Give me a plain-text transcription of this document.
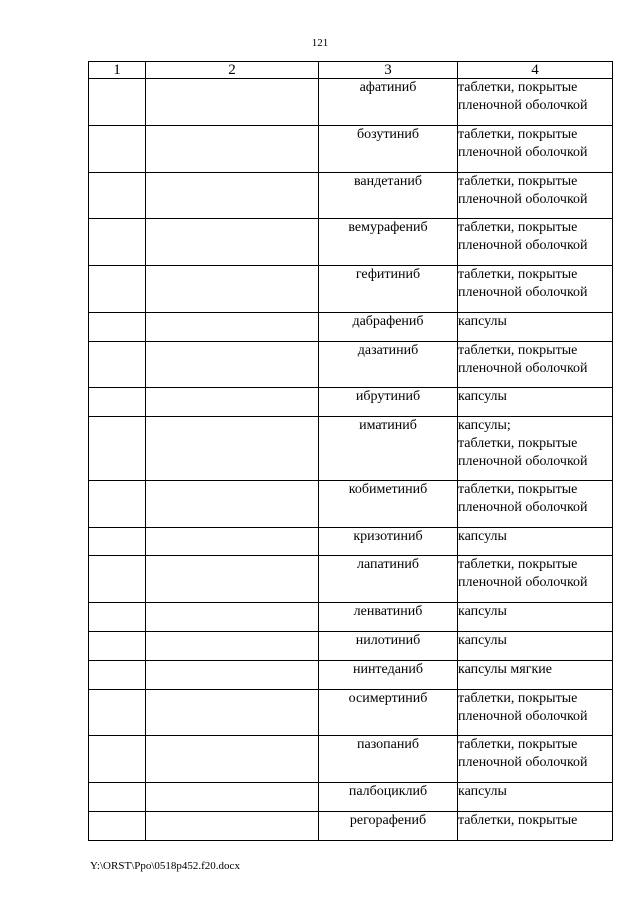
121
1	2	3	4
		афатиниб	таблетки, покрытые
пленочной оболочкой
		бозутиниб	таблетки, покрытые
пленочной оболочкой
		вандетаниб	таблетки, покрытые
пленочной оболочкой
		вемурафениб	таблетки, покрытые
пленочной оболочкой
		гефитиниб	таблетки, покрытые
пленочной оболочкой
		дабрафениб	капсулы
		дазатиниб	таблетки, покрытые
пленочной оболочкой
		ибрутиниб	капсулы
		иматиниб	капсулы;
таблетки, покрытые
пленочной оболочкой
		кобиметиниб	таблетки, покрытые
пленочной оболочкой
		кризотиниб	капсулы
		лапатиниб	таблетки, покрытые
пленочной оболочкой
		ленватиниб	капсулы
		нилотиниб	капсулы
		нинтеданиб	капсулы мягкие
		осимертиниб	таблетки, покрытые
пленочной оболочкой
		пазопаниб	таблетки, покрытые
пленочной оболочкой
		палбоциклиб	капсулы
		регорафениб	таблетки, покрытые
Y:\ORST\Ppo\0518p452.f20.docx
